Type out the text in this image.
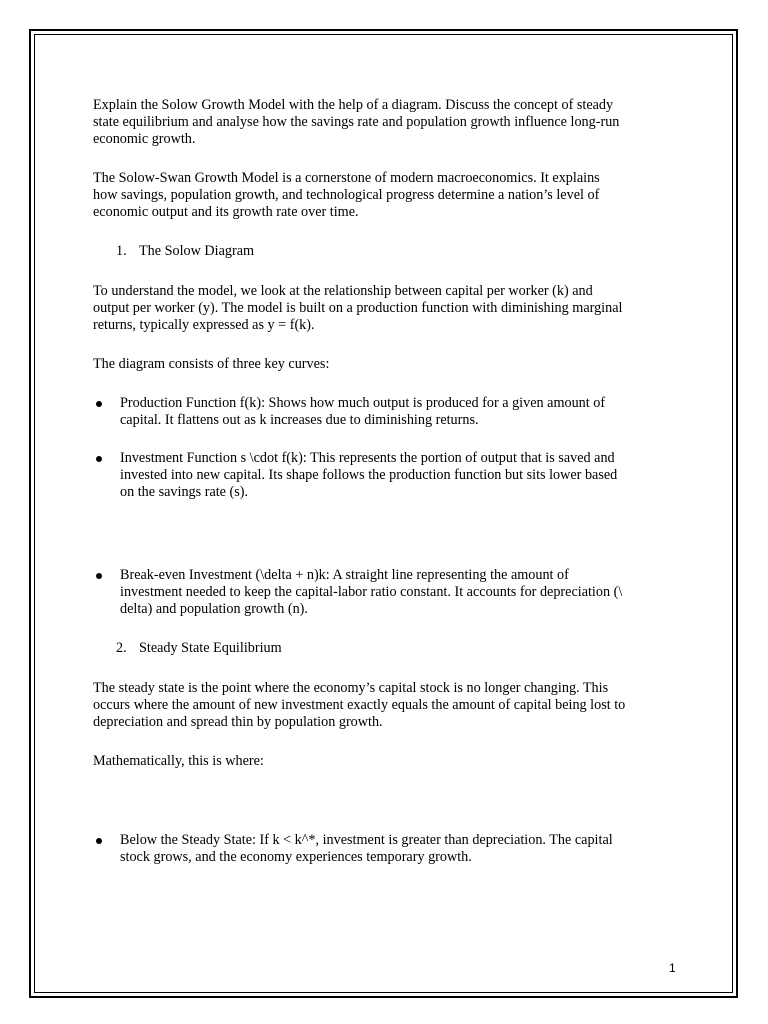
Explain the Solow Growth Model with the help of a diagram. Discuss the concept of steady
state equilibrium and analyse how the savings rate and population growth influence long-run
economic growth.
The Solow-Swan Growth Model is a cornerstone of modern macroeconomics. It explains
how savings, population growth, and technological progress determine a nation’s level of
economic output and its growth rate over time.
1. The Solow Diagram
To understand the model, we look at the relationship between capital per worker (k) and
output per worker (y). The model is built on a production function with diminishing marginal
returns, typically expressed as y = f(k).
The diagram consists of three key curves:
Production Function f(k): Shows how much output is produced for a given amount of
capital. It flattens out as k increases due to diminishing returns.
Investment Function s \cdot f(k): This represents the portion of output that is saved and
invested into new capital. Its shape follows the production function but sits lower based
on the savings rate (s).
Break-even Investment (\delta + n)k: A straight line representing the amount of
investment needed to keep the capital-labor ratio constant. It accounts for depreciation (\
delta) and population growth (n).
2. Steady State Equilibrium
The steady state is the point where the economy’s capital stock is no longer changing. This
occurs where the amount of new investment exactly equals the amount of capital being lost to
depreciation and spread thin by population growth.
Mathematically, this is where:
Below the Steady State: If k < k^*, investment is greater than depreciation. The capital
stock grows, and the economy experiences temporary growth.
1
